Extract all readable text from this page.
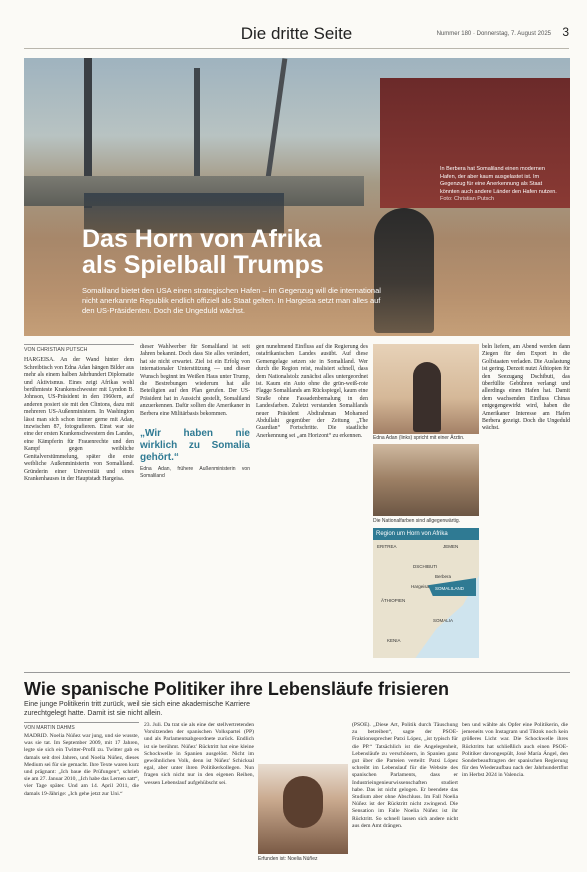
Die dritte Seite	Nummer 180 · Donnerstag, 7. August 2025 3
In Berbera hat Somaliland einen modernen Hafen, der aber kaum ausgelastet ist. Im Gegenzug für eine Anerkennung als Staat könnten auch andere Länder den Hafen nutzen. Foto: Christian Putsch
Das Horn von Afrika als Spielball Trumps
Somaliland bietet den USA einen strategischen Hafen – im Gegenzug will die international nicht anerkannte Republik endlich offiziell als Staat gelten. In Hargeisa setzt man alles auf den US-Präsidenten. Doch die Ungeduld wächst.
VON CHRISTIAN PUTSCH
HARGEISA. An der Wand hinter dem Schreibtisch von Edna Adan hängen Bilder aus mehr als einem halben Jahrhundert Diplomatie und Aktivismus. Eines zeigt Afrikas wohl berühmteste Krankenschwester mit Lyndon B. Johnson, US-Präsident in den 1960ern, auf anderen posiert sie mit den Clintons, dazu mit mehreren US-Außenministern. In Washington lässt man sich schon immer gerne mit Adan, inzwischen 87, fotografieren. Einst war sie eine der ersten Krankenschwestern des Landes, eine Kämpferin für Frauenrechte und den Kampf gegen weibliche Genitalverstümmelung, später die erste weibliche Außenministerin von Somaliland. Gründerin einer Universität und eines Krankenhauses in der Hauptstadt Hargeisa.
dieser Wahlwerber für Somaliland ist seit Jahren bekannt. Doch dass Sie alles verändert, hat sie nicht erwartet. Ziel ist ein Erfolg von internationaler Unterstützung — und dieser Wunsch beginnt im Weißen Haus unter Trump, die Bestrebungen wiederum hat alle Beteiligten auf den Plan gerufen. Der US-Präsident hat in Aussicht gestellt, Somaliland anzuerkennen. Dafür sollten die Amerikaner in Berbera eine Militärbasis bekommen.
„Wir haben nie wirklich zu Somalia gehört.“
Edna Adan, frühere Außenministerin von Somaliland
gen nunehmend Einfluss auf die Regierung des ostafrikanischen Landes ausübt. Auf diese Gemengelage setzen sie in Somaliland. Wer durch die Region reist, realisiert schnell, dass dem Nationalstolz zunächst alles untergeordnet ist. Kaum ein Auto ohne die grün-weiß-rote Flagge Somalilands am Rückspiegel, kaum eine Straße ohne Fassadenbemalung in den Landesfarben. Zuletzt verstanden Somalilands neuer Präsident Abdirahman Mohamed Abdullahi gegenüber der Zeitung „The Guardian“ Fortschritte. Die staatliche Anerkennung sei „am Horizont“ zu erkennen.	Edna Adan (links) spricht mit einer Ärztin.
Die Nationalfarben sind allgegenwärtig.
Region um Horn von Afrika
ERITREA	JEMEN
DSCHIBUTI
Berbera
Hargeisa SOMALILAND
ÄTHIOPIEN
SOMALIA
KENIA
beln liefern, am Abend werden dann Ziegen für den Export in die Golfstaaten verladen. Die Auslastung ist gering. Derzeit nutzt Äthiopien für den Seezugang Dschibuti, das überfüllte Gebühren verlangt und allerdings einen Hafen hat. Damit dem wachsenden Einfluss Chinas entgegengewirkt wird, haben die Amerikaner Interesse am Hafen Berbera gezeigt. Doch die Ungeduld wächst.
Wie spanische Politiker ihre Lebensläufe frisieren
Eine junge Politikerin tritt zurück, weil sie sich eine akademische Karriere zurechtgelegt hatte. Damit ist sie nicht allein.
VON MARTIN DAHMS
MADRID. Noelia Núñez war jung, und sie wusste, was sie tat. Im September 2009, mit 17 Jahren, legte sie sich ein Twitter-Profil zu. Twitter gab es damals seit drei Jahren, und Noelia Núñez, dieses Medium sei für sie gemacht. Ihre Texte waren kurz und prägnant: „Ich baue die Prüfungen“, schrieb sie am 27. Januar 2010, „Ich habe das Lernen satt“, vier Tage später. Und am 14. April 2011, die damals 19-Jährige: „Ich gehe jetzt zur Uni.“
23. Juli. Da trat sie als eine der stellvertretenden Vorsitzenden der spanischen Volkspartei (PP) und als Parlamentsabgeordnete zurück. Endlich ist sie berühmt. Núñez' Rücktritt hat eine kleine Schockwelle in Spanien ausgelöst. Nicht im gewöhnlichen Volk, denn ist Núñez' Schicksal egal, aber unter ihren Politikerkollegen. Nun fragen sich nicht nur in den eigenen Reihen, wessen Lebenslauf aufgehübscht sei.
Erfunden ist: Noelia Núñez
(PSOE). „Diese Art, Politik durch Täuschung zu betreiben“, sagte der PSOE-Fraktionssprecher Patxi López, „ist typisch für die PP.“ Tatsächlich ist die Angelegenheit, Lebensläufe zu verschönern, in Spanien ganz gut über die Parteien verteilt: Patxi López schreibt im Lebenslauf für die Website des spanischen Parlaments, dass er Industrieingenieurwissenschaften studiert habe. Das ist nicht gelogen. Er beendete das Studium aber ohne Abschluss. Im Fall Noelia Núñez ist der Rücktritt nicht zwingend. Die Sensation im Falle Noelia Núñez ist ihr Rücktritt. So schnell lassen sich andere nicht aus dem Amt drängen.
ben und wählte als Opfer eine Politikerin, die jemeneits von Instagram und Tiktok noch kein größeres Licht war. Die Schockwelle ihres Rücktritts hat schließlich auch einen PSOE-Politiker davongespült, José María Ángel, den Sonderbeauftragten der spanischen Regierung für den Wiederaufbau nach der Jahrhundertflut im Herbst 2024 in Valencia.
